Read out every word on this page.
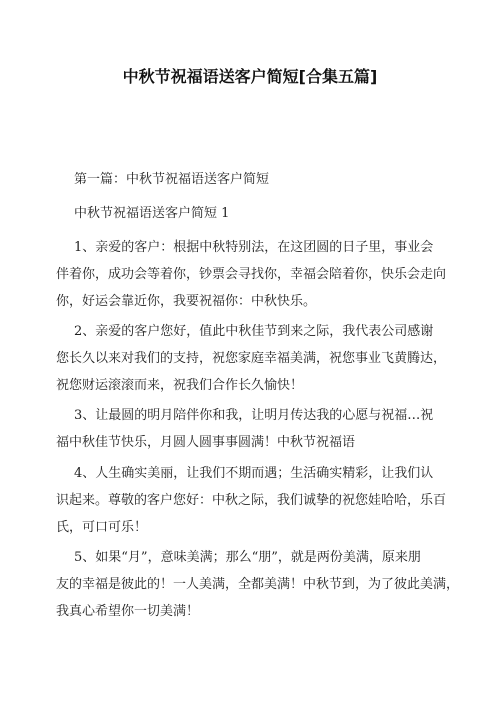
中秋节祝福语送客户简短[合集五篇]
第一篇：中秋节祝福语送客户简短
中秋节祝福语送客户简短 1
1、亲爱的客户：根据中秋特别法，在这团圆的日子里，事业会
伴着你，成功会等着你，钞票会寻找你，幸福会陪着你，快乐会走向
你，好运会靠近你，我要祝福你：中秋快乐。
2、亲爱的客户您好，值此中秋佳节到来之际，我代表公司感谢
您长久以来对我们的支持，祝您家庭幸福美满，祝您事业飞黄腾达，
祝您财运滚滚而来，祝我们合作长久愉快！
3、让最圆的明月陪伴你和我，让明月传达我的心愿与祝福…祝
福中秋佳节快乐，月圆人圆事事圆满！中秋节祝福语
4、人生确实美丽，让我们不期而遇；生活确实精彩，让我们认
识起来。尊敬的客户您好：中秋之际，我们诚挚的祝您娃哈哈，乐百
氏，可口可乐！
5、如果“月”，意味美满；那么“朋”，就是两份美满，原来朋
友的幸福是彼此的！一人美满，全都美满！中秋节到，为了彼此美满，
我真心希望你一切美满！
